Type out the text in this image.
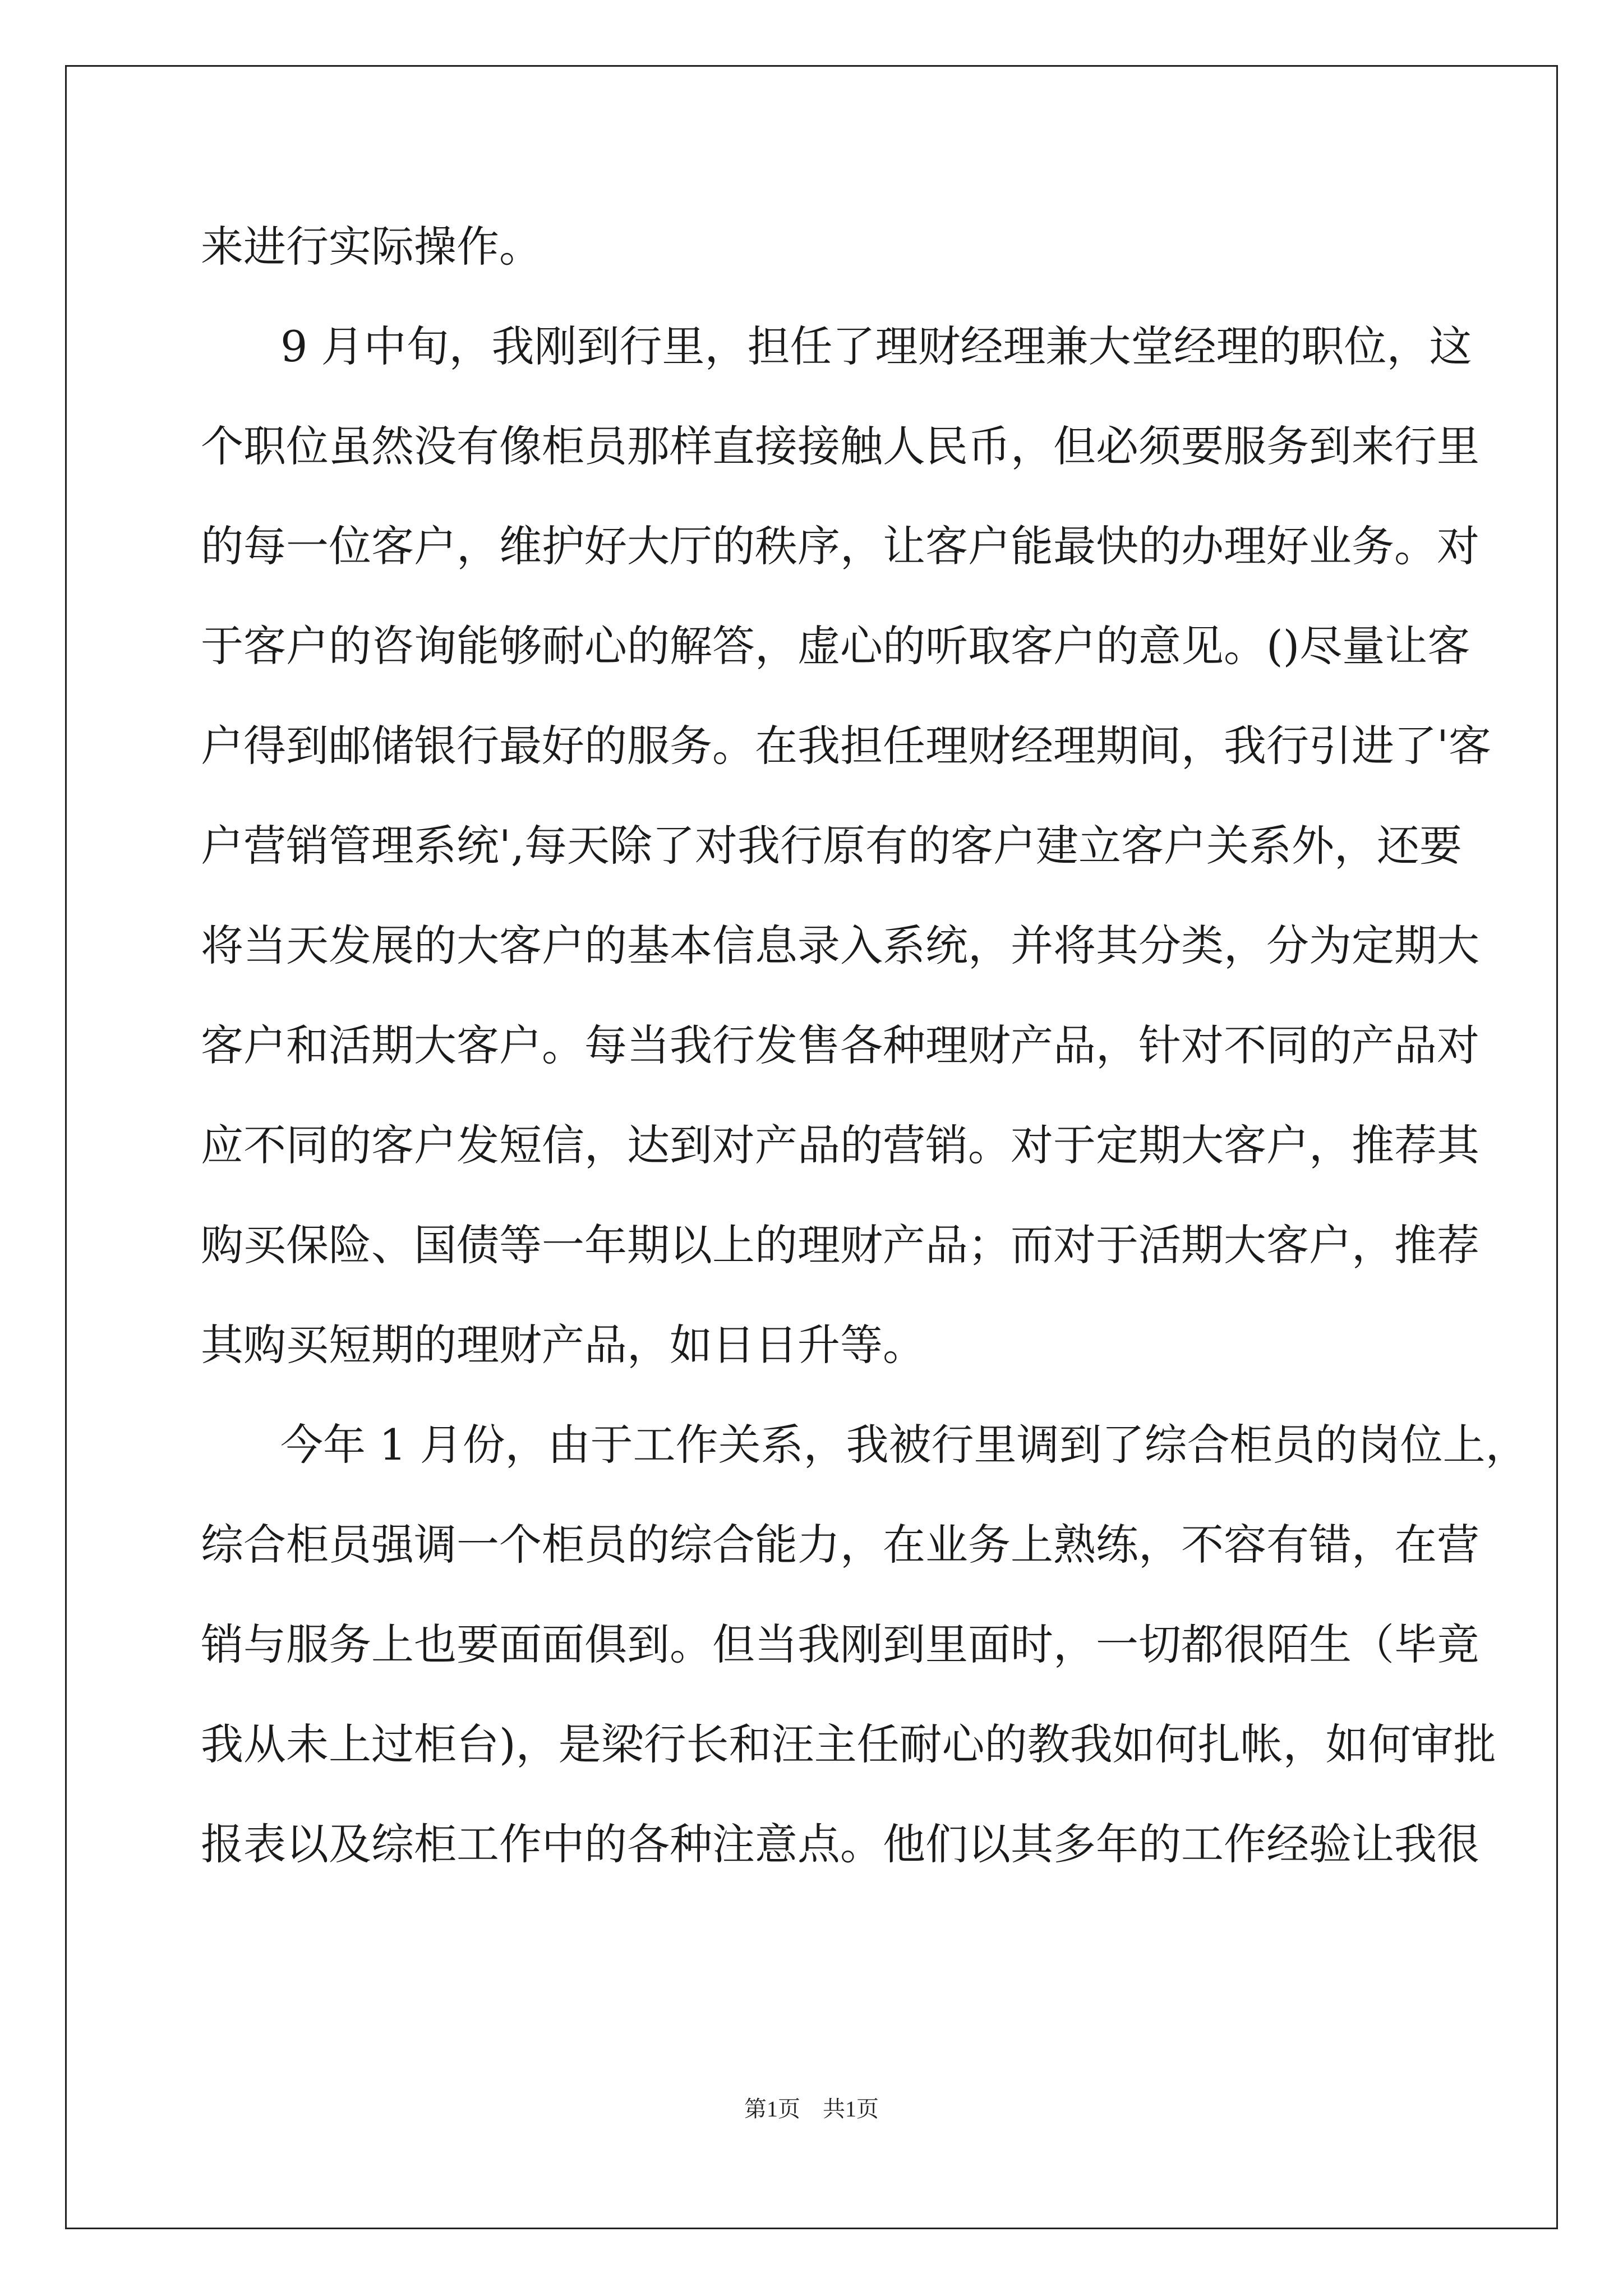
来进行实际操作。
9 月中旬，我刚到行里，担任了理财经理兼大堂经理的职位，这
个职位虽然没有像柜员那样直接接触人民币，但必须要服务到来行里
的每一位客户，维护好大厅的秩序，让客户能最快的办理好业务。对
于客户的咨询能够耐心的解答，虚心的听取客户的意见。()尽量让客
户得到邮储银行最好的服务。在我担任理财经理期间，我行引进了'客
户营销管理系统',每天除了对我行原有的客户建立客户关系外，还要
将当天发展的大客户的基本信息录入系统，并将其分类，分为定期大
客户和活期大客户。每当我行发售各种理财产品，针对不同的产品对
应不同的客户发短信，达到对产品的营销。对于定期大客户，推荐其
购买保险、国债等一年期以上的理财产品；而对于活期大客户，推荐
其购买短期的理财产品，如日日升等。
今年 1 月份，由于工作关系，我被行里调到了综合柜员的岗位上，
综合柜员强调一个柜员的综合能力，在业务上熟练，不容有错，在营
销与服务上也要面面俱到。但当我刚到里面时，一切都很陌生（毕竟
我从未上过柜台)，是梁行长和汪主任耐心的教我如何扎帐，如何审批
报表以及综柜工作中的各种注意点。他们以其多年的工作经验让我很
第1页 共1页
